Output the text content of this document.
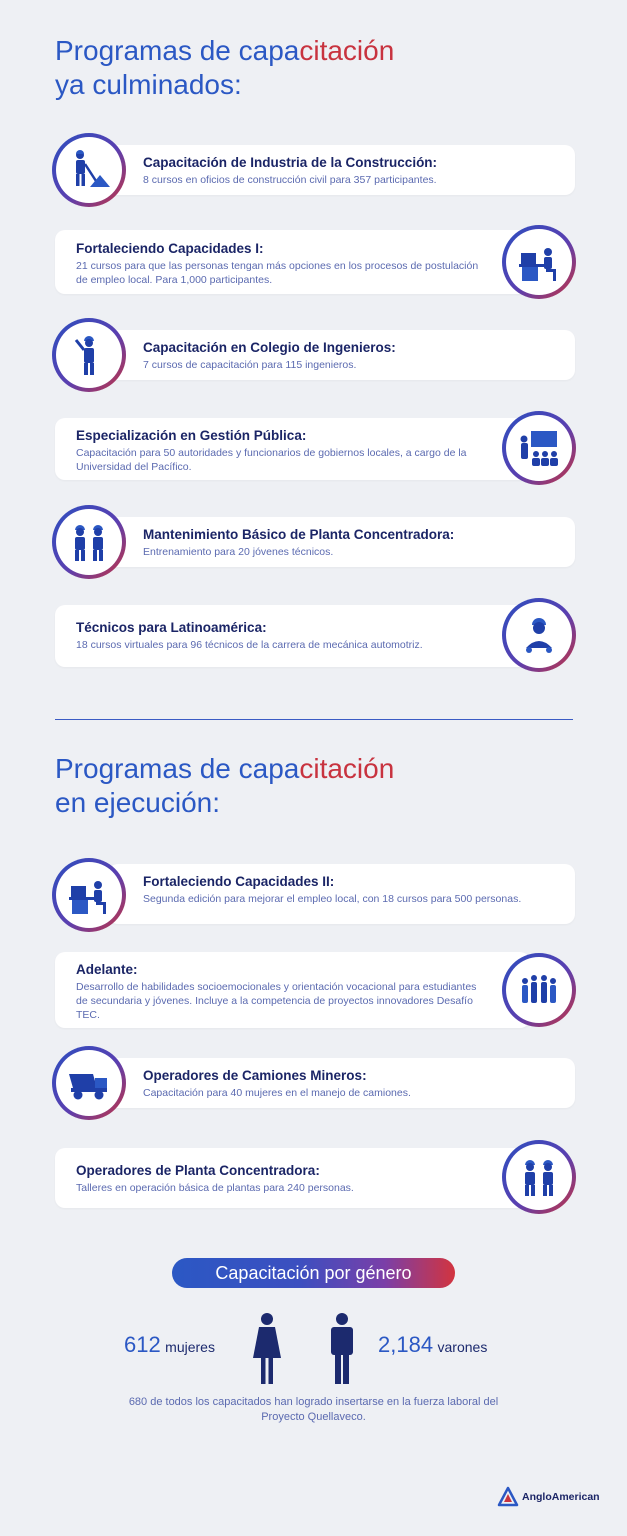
Programas de capacitación
ya culminados:
Capacitación de Industria de la Construcción:
8 cursos en oficios de construcción civil para 357 participantes.
Fortaleciendo Capacidades I:
21 cursos para que las personas tengan más opciones en los procesos de postulación de empleo local. Para 1,000 participantes.
Capacitación en Colegio de Ingenieros:
7 cursos de capacitación para 115 ingenieros.
Especialización en Gestión Pública:
Capacitación para 50 autoridades y funcionarios de gobiernos locales, a cargo de la Universidad del Pacífico.
Mantenimiento Básico de Planta Concentradora:
Entrenamiento para 20 jóvenes técnicos.
Técnicos para Latinoamérica:
18 cursos virtuales para 96 técnicos de la carrera de mecánica automotriz.
Programas de capacitación
en ejecución:
Fortaleciendo Capacidades II:
Segunda edición para mejorar el empleo local, con 18 cursos para 500 personas.
Adelante:
Desarrollo de habilidades socioemocionales y orientación vocacional para estudiantes de secundaria y jóvenes. Incluye a la competencia de proyectos innovadores Desafío TEC.
Operadores de Camiones Mineros:
Capacitación para 40 mujeres en el manejo de camiones.
Operadores de Planta Concentradora:
Talleres en operación básica de plantas para 240 personas.
Capacitación por género
612 mujeres	2,184 varones
680 de todos los capacitados han logrado insertarse en la fuerza laboral del Proyecto Quellaveco.
AngloAmerican
